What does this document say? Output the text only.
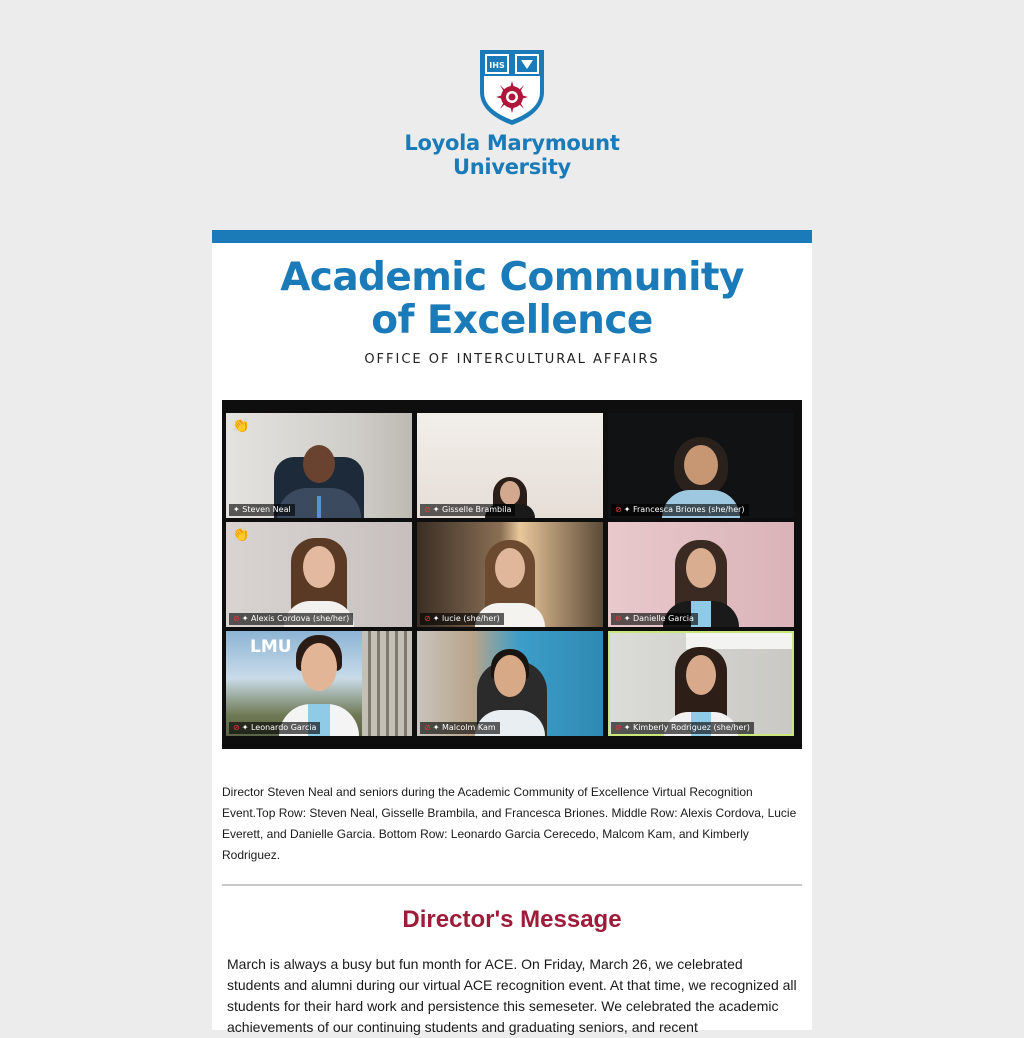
IHS
Loyola Marymount
University
Academic Community
of Excellence
OFFICE OF INTERCULTURAL AFFAIRS
👏
✦ Steven Neal	⊘ ✦ Gisselle Brambila	⊘ ✦ Francesca Briones (she/her)
👏
⊘ ✦ Alexis Cordova (she/her)	⊘ ✦ lucie (she/her)	⊘ ✦ Danielle Garcia
LMU
⊘ ✦ Leonardo Garcia	⊘ ✦ Malcolm Kam	⊘ ✦ Kimberly Rodriguez (she/her)
Director Steven Neal and seniors during the Academic Community of Excellence Virtual Recognition Event.Top Row: Steven Neal, Gisselle Brambila, and Francesca Briones. Middle Row: Alexis Cordova, Lucie Everett, and Danielle Garcia. Bottom Row: Leonardo Garcia Cerecedo, Malcom Kam, and Kimberly Rodriguez.
Director's Message
March is always a busy but fun month for ACE. On Friday, March 26, we celebrated students and alumni during our virtual ACE recognition event. At that time, we recognized all students for their hard work and persistence this semeseter. We celebrated the academic achievements of our continuing students and graduating seniors, and recent
